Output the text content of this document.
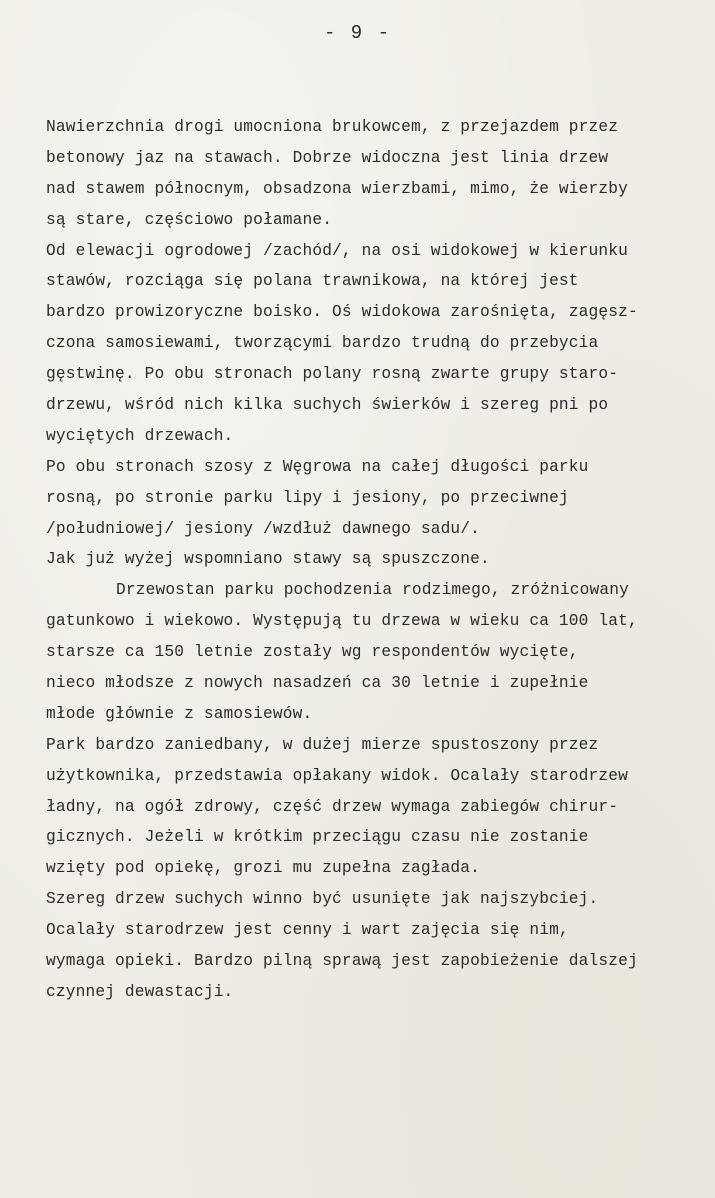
- 9 -
Nawierzchnia drogi umocniona brukowcem, z przejazdem przez
betonowy jaz na stawach. Dobrze widoczna jest linia drzew
nad stawem północnym, obsadzona wierzbami, mimo, że wierzby
są stare, częściowo połamane.
Od elewacji ogrodowej /zachód/, na osi widokowej w kierunku
stawów, rozciąga się polana trawnikowa, na której jest
bardzo prowizoryczne boisko. Oś widokowa zarośnięta, zagęsz-
czona samosiewami, tworzącymi bardzo trudną do przebycia
gęstwinę. Po obu stronach polany rosną zwarte grupy staro-
drzewu, wśród nich kilka suchych świerków i szereg pni po
wyciętych drzewach.
Po obu stronach szosy z Węgrowa na całej długości parku
rosną, po stronie parku lipy i jesiony, po przeciwnej
/południowej/ jesiony /wzdłuż dawnego sadu/.
Jak już wyżej wspomniano stawy są spuszczone.
Drzewostan parku pochodzenia rodzimego, zróżnicowany
gatunkowo i wiekowo. Występują tu drzewa w wieku ca 100 lat,
starsze ca 150 letnie zostały wg respondentów wycięte,
nieco młodsze z nowych nasadzeń ca 30 letnie i zupełnie
młode głównie z samosiewów.
Park bardzo zaniedbany, w dużej mierze spustoszony przez
użytkownika, przedstawia opłakany widok. Ocalały starodrzew
ładny, na ogół zdrowy, część drzew wymaga zabiegów chirur-
gicznych. Jeżeli w krótkim przeciągu czasu nie zostanie
wzięty pod opiekę, grozi mu zupełna zagłada.
Szereg drzew suchych winno być usunięte jak najszybciej.
Ocalały starodrzew jest cenny i wart zajęcia się nim,
wymaga opieki. Bardzo pilną sprawą jest zapobieżenie dalszej
czynnej dewastacji.
